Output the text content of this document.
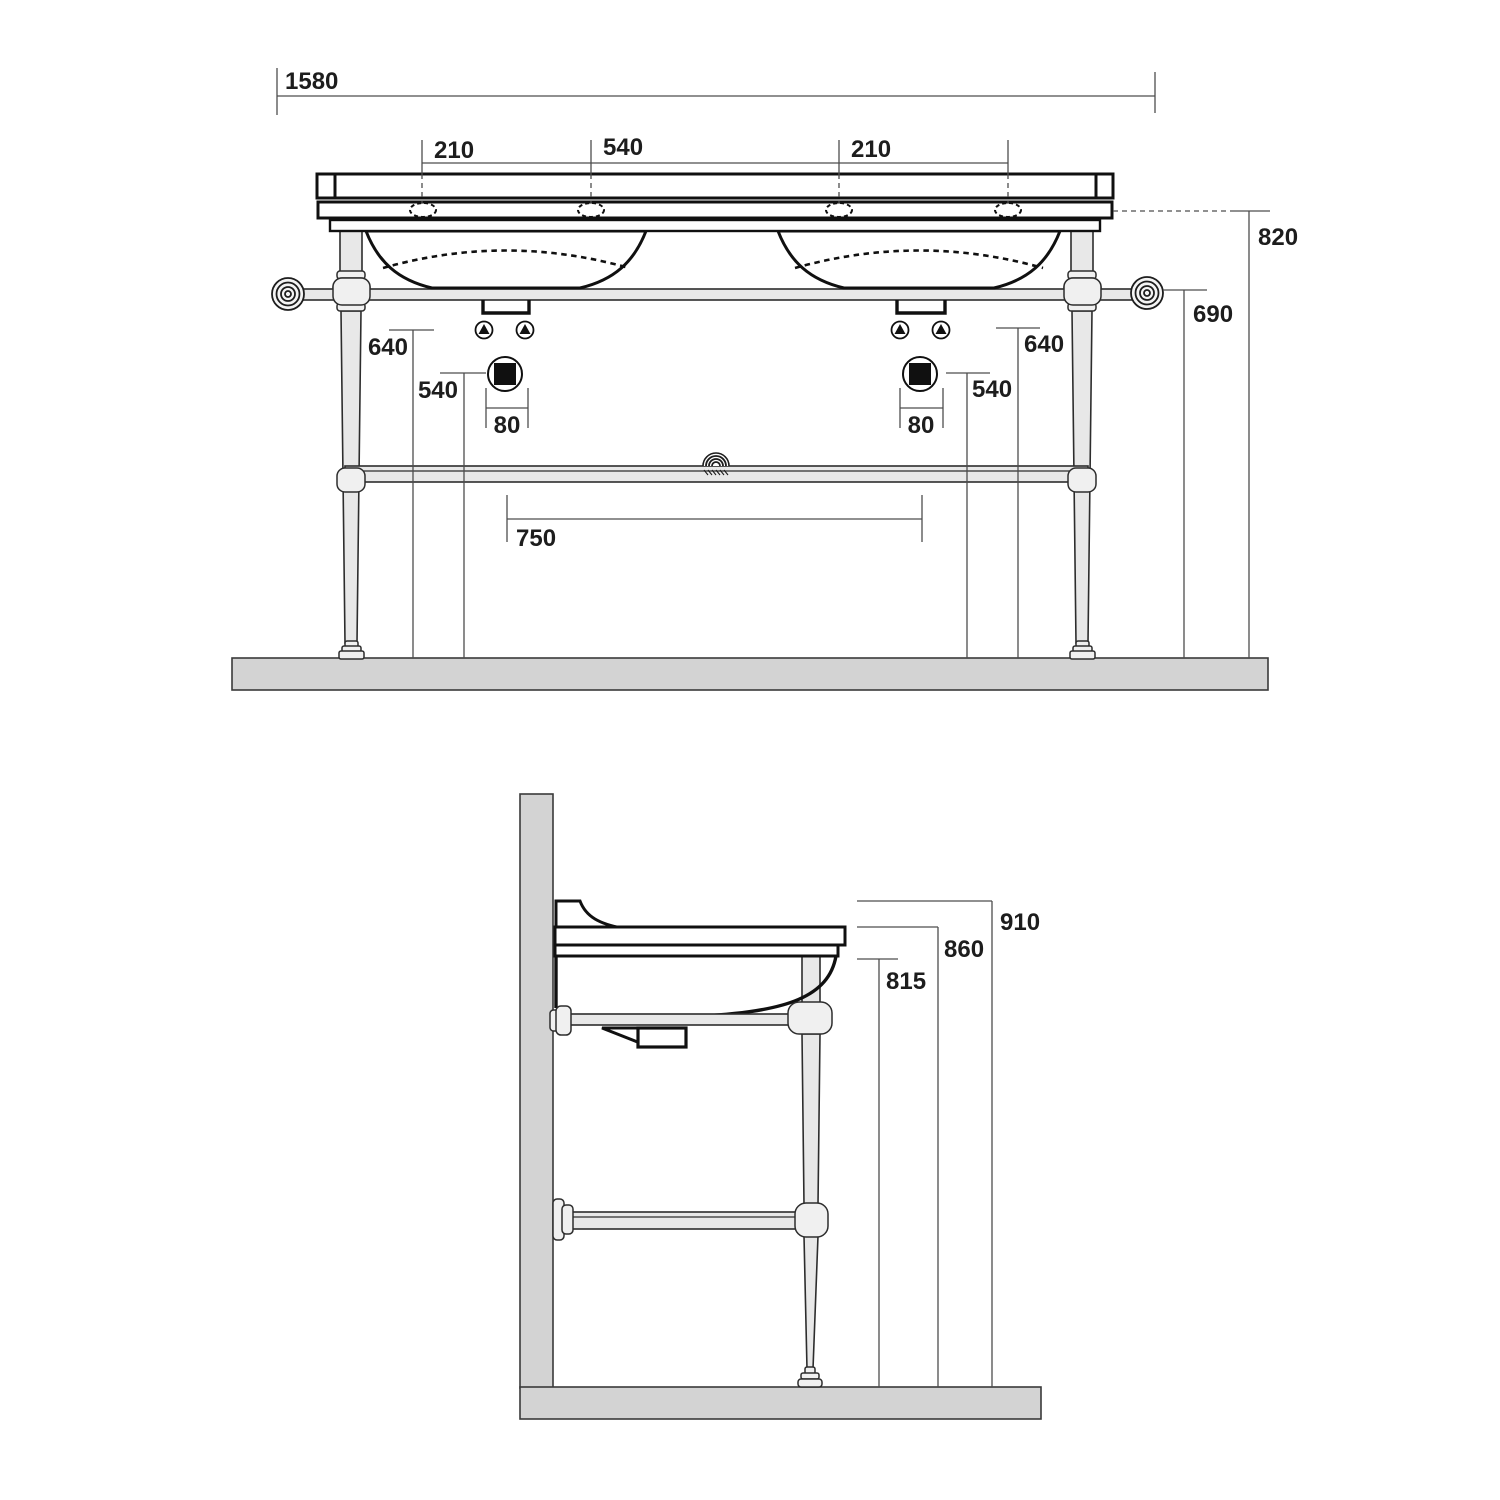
1580
210	540	210
820
690
640
540
80
640
540
80
750
910
860
815
